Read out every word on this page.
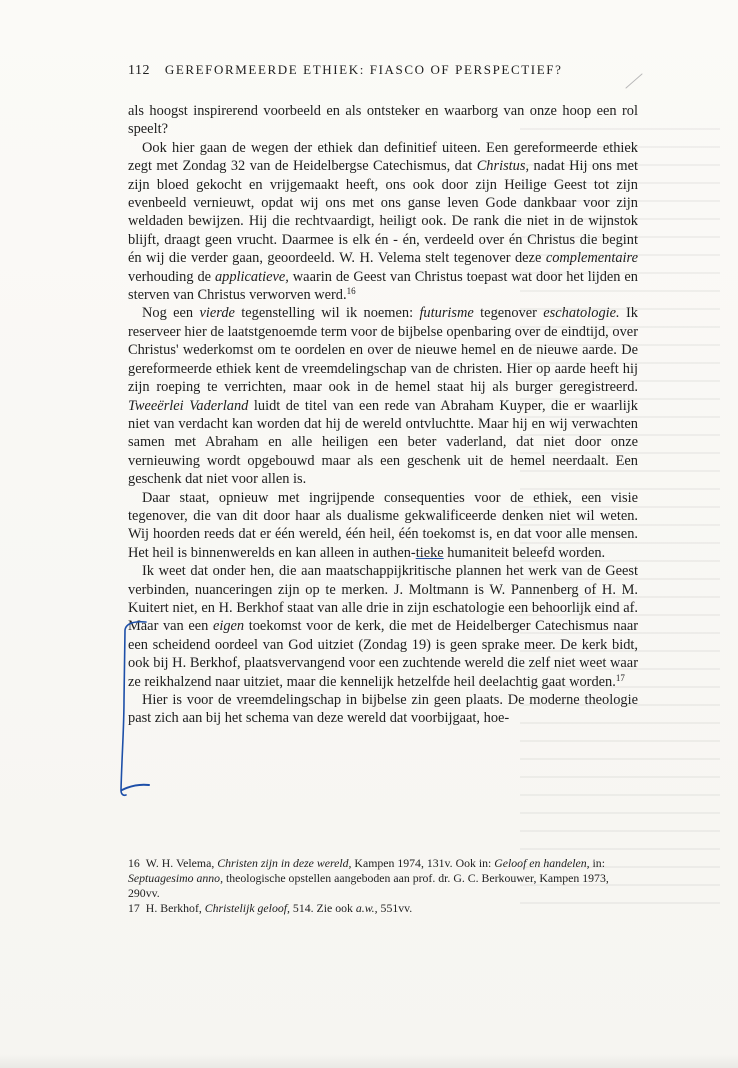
112 GEREFORMEERDE ETHIEK: FIASCO OF PERSPECTIEF?

als hoogst inspirerend voorbeeld en als ontsteker en waarborg van onze hoop een rol speelt?

Ook hier gaan de wegen der ethiek dan definitief uiteen. Een gereformeerde ethiek zegt met Zondag 32 van de Heidelbergse Catechismus, dat Christus, nadat Hij ons met zijn bloed gekocht en vrijgemaakt heeft, ons ook door zijn Heilige Geest tot zijn evenbeeld vernieuwt, opdat wij ons met ons ganse leven Gode dankbaar voor zijn weldaden bewijzen. Hij die rechtvaardigt, heiligt ook. De rank die niet in de wijnstok blijft, draagt geen vrucht. Daarmee is elk én - én, verdeeld over én Christus die begint én wij die verder gaan, geoordeeld. W. H. Velema stelt tegenover deze complementaire verhouding de applicatieve, waarin de Geest van Christus toepast wat door het lijden en sterven van Christus verworven werd.$^{16}$

Nog een vierde tegenstelling wil ik noemen: futurisme tegenover eschatologie. Ik reserveer hier de laatstgenoemde term voor de bijbelse openbaring over de eindtijd, over Christus' wederkomst om te oordelen en over de nieuwe hemel en de nieuwe aarde. De gereformeerde ethiek kent de vreemdelingschap van de christen. Hier op aarde heeft hij zijn roeping te verrichten, maar ook in de hemel staat hij als burger geregistreerd. Tweeërlei Vaderland luidt de titel van een rede van Abraham Kuyper, die er waarlijk niet van verdacht kan worden dat hij de wereld ontvluchtte. Maar hij en wij verwachten samen met Abraham en alle heiligen een beter vaderland, dat niet door onze vernieuwing wordt opgebouwd maar als een geschenk uit de hemel neerdaalt. Een geschenk dat niet voor allen is.

Daar staat, opnieuw met ingrijpende consequenties voor de ethiek, een visie tegenover, die van dit door haar als dualisme gekwalificeerde denken niet wil weten. Wij hoorden reeds dat er één wereld, één heil, één toekomst is, en dat voor alle mensen. Het heil is binnenwerelds en kan alleen in authen-tieke humaniteit beleefd worden.

Ik weet dat onder hen, die aan maatschappijkritische plannen het werk van de Geest verbinden, nuanceringen zijn op te merken. J. Moltmann is W. Pannenberg of H. M. Kuitert niet, en H. Berkhof staat van alle drie in zijn eschatologie een behoorlijk eind af. Maar van een eigen toekomst voor de kerk, die met de Heidelberger Catechismus naar een scheidend oordeel van God uitziet (Zondag 19) is geen sprake meer. De kerk bidt, ook bij H. Berkhof, plaatsvervangend voor een zuchtende wereld die zelf niet weet waar ze reikhalzend naar uitziet, maar die kennelijk hetzelfde heil deelachtig gaat worden.$^{17}$

Hier is voor de vreemdelingschap in bijbelse zin geen plaats. De moderne theologie past zich aan bij het schema van deze wereld dat voorbijgaat, hoe-

16 W. H. Velema, Christen zijn in deze wereld, Kampen 1974, 131v. Ook in: Geloof en handelen, in: Septuagesimo anno, theologische opstellen aangeboden aan prof. dr. G. C. Berkouwer, Kampen 1973, 290vv.

17 H. Berkhof, Christelijk geloof, 514. Zie ook a.w., 551vv.
